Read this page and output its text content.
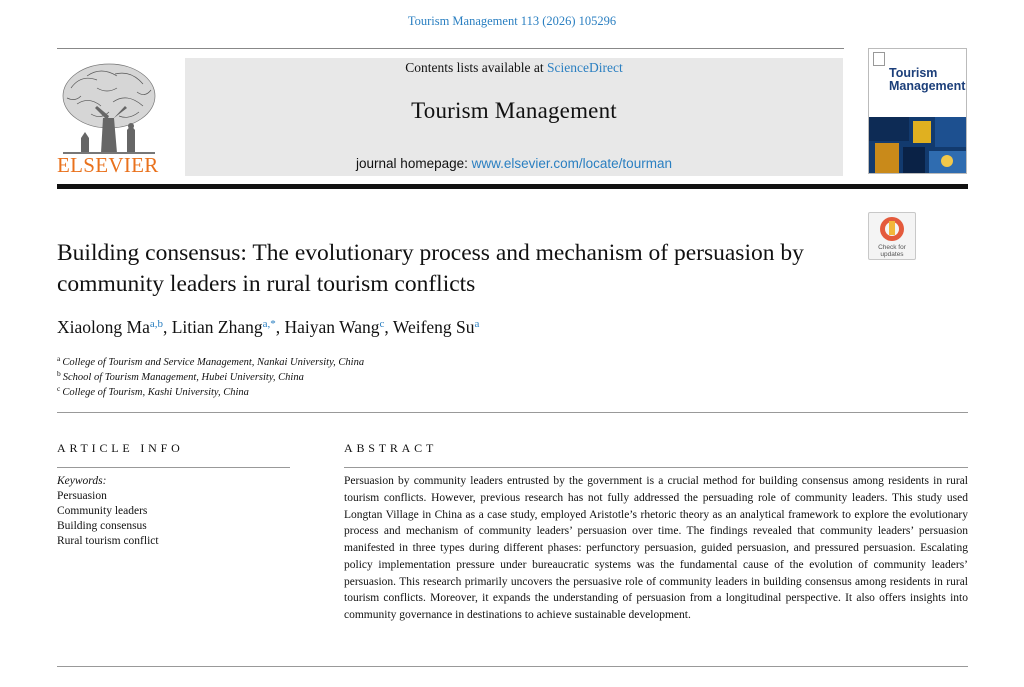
Tourism Management 113 (2026) 105296
ELSEVIER
Contents lists available at ScienceDirect
Tourism Management
journal homepage: www.elsevier.com/locate/tourman
Tourism
Management
Check for
updates
Building consensus: The evolutionary process and mechanism of persuasion by community leaders in rural tourism conflicts
Xiaolong Ma$^{a,b}$, Litian Zhang$^{a,*}$, Haiyan Wang$^c$, Weifeng Su$^a$
$^a$ College of Tourism and Service Management, Nankai University, China
$^b$ School of Tourism Management, Hubei University, China
$^c$ College of Tourism, Kashi University, China
ARTICLE INFO
Keywords:
Persuasion
Community leaders
Building consensus
Rural tourism conflict
ABSTRACT
Persuasion by community leaders entrusted by the government is a crucial method for building consensus among residents in rural tourism conflicts. However, previous research has not fully addressed the persuading role of community leaders. This study used Longtan Village in China as a case study, employed Aristotle’s rhetoric theory as an analytical framework to explore the evolutionary process and mechanism of community leaders’ persuasion over time. The findings revealed that community leaders’ persuasion manifested in three types during different phases: perfunctory persuasion, guided persuasion, and pressured persuasion. Escalating policy implementation pressure under bureaucratic systems was the fundamental cause of the evolution of community leaders’ persuasion. This research primarily uncovers the persuasive role of community leaders in building consensus among residents in rural tourism conflicts. Moreover, it expands the understanding of persuasion from a longitudinal perspective. It also offers insights into community governance in destinations to achieve sustainable development.
